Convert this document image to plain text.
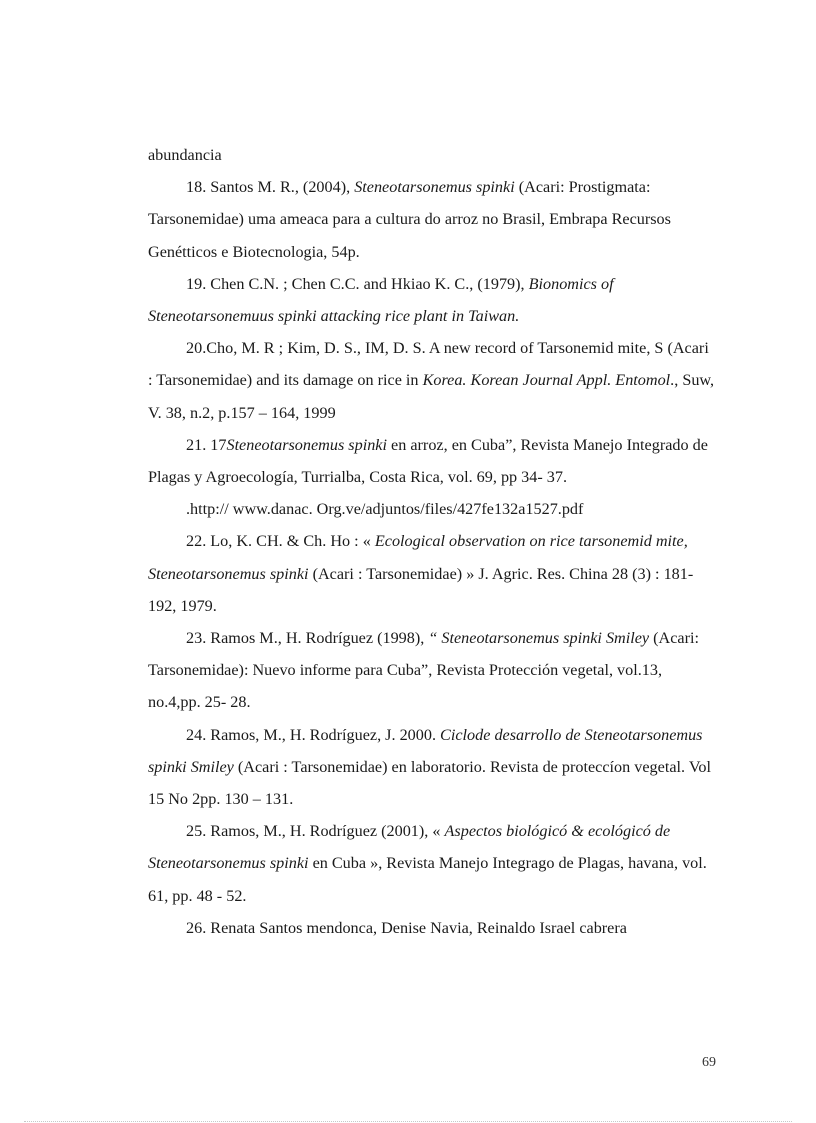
abundancia

18. Santos M. R., (2004), Steneotarsonemus spinki (Acari: Prostigmata: Tarsonemidae) uma ameaca para a cultura do arroz no Brasil, Embrapa Recursos Genétticos e Biotecnologia, 54p.

19. Chen C.N. ; Chen C.C. and Hkiao K. C., (1979), Bionomics of Steneotarsonemuus spinki attacking rice plant in Taiwan.

20.Cho, M. R ; Kim, D. S., IM, D. S. A new record of Tarsonemid mite, S (Acari : Tarsonemidae) and its damage on rice in Korea. Korean Journal Appl. Entomol., Suw, V. 38, n.2, p.157 – 164, 1999

21. 17Steneotarsonemus spinki en arroz, en Cuba”, Revista Manejo Integrado de Plagas y Agroecología, Turrialba, Costa Rica, vol. 69, pp 34- 37.

.http:// www.danac. Org.ve/adjuntos/files/427fe132a1527.pdf

22. Lo, K. CH. & Ch. Ho : « Ecological observation on rice tarsonemid mite, Steneotarsonemus spinki (Acari : Tarsonemidae) » J. Agric. Res. China 28 (3) : 181- 192, 1979.

23. Ramos M., H. Rodríguez (1998), “ Steneotarsonemus spinki Smiley (Acari: Tarsonemidae): Nuevo informe para Cuba”, Revista Protección vegetal, vol.13, no.4,pp. 25- 28.

24. Ramos, M., H. Rodríguez, J. 2000. Ciclode desarrollo de Steneotarsonemus spinki Smiley (Acari : Tarsonemidae) en laboratorio. Revista de proteccíon vegetal. Vol 15 No 2pp. 130 – 131.

25. Ramos, M., H. Rodríguez (2001), « Aspectos biológicó & ecológicó de Steneotarsonemus spinki en Cuba », Revista Manejo Integrago de Plagas, havana, vol. 61, pp. 48 - 52.

26. Renata Santos mendonca, Denise Navia, Reinaldo Israel cabrera

69
